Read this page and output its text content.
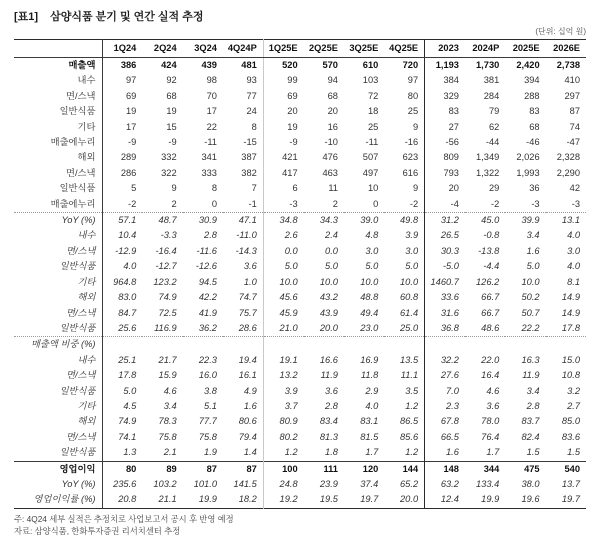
[표1] 삼양식품 분기 및 연간 실적 추정
(단위: 십억 원)
	1Q24	2Q24	3Q24	4Q24P	1Q25E	2Q25E	3Q25E	4Q25E	2023	2024P	2025E	2026E
매출액	386	424	439	481	520	570	610	720	1,193	1,730	2,420	2,738
내수	97	92	98	93	99	94	103	97	384	381	394	410
면/스낵	69	68	70	77	69	68	72	80	329	284	288	297
일반식품	19	19	17	24	20	20	18	25	83	79	83	87
기타	17	15	22	8	19	16	25	9	27	62	68	74
매출에누리	-9	-9	-11	-15	-9	-10	-11	-16	-56	-44	-46	-47
해외	289	332	341	387	421	476	507	623	809	1,349	2,026	2,328
면/스낵	286	322	333	382	417	463	497	616	793	1,322	1,993	2,290
일반식품	5	9	8	7	6	11	10	9	20	29	36	42
매출에누리	-2	2	0	-1	-3	2	0	-2	-4	-2	-3	-3
YoY (%)	57.1	48.7	30.9	47.1	34.8	34.3	39.0	49.8	31.2	45.0	39.9	13.1
내수	10.4	-3.3	2.8	-11.0	2.6	2.4	4.8	3.9	26.5	-0.8	3.4	4.0
면/스낵	-12.9	-16.4	-11.6	-14.3	0.0	0.0	3.0	3.0	30.3	-13.8	1.6	3.0
일반식품	4.0	-12.7	-12.6	3.6	5.0	5.0	5.0	5.0	-5.0	-4.4	5.0	4.0
기타	964.8	123.2	94.5	1.0	10.0	10.0	10.0	10.0	1460.7	126.2	10.0	8.1
해외	83.0	74.9	42.2	74.7	45.6	43.2	48.8	60.8	33.6	66.7	50.2	14.9
면/스낵	84.7	72.5	41.9	75.7	45.9	43.9	49.4	61.4	31.6	66.7	50.7	14.9
일반식품	25.6	116.9	36.2	28.6	21.0	20.0	23.0	25.0	36.8	48.6	22.2	17.8
매출액 비중 (%)												
내수	25.1	21.7	22.3	19.4	19.1	16.6	16.9	13.5	32.2	22.0	16.3	15.0
면/스낵	17.8	15.9	16.0	16.1	13.2	11.9	11.8	11.1	27.6	16.4	11.9	10.8
일반식품	5.0	4.6	3.8	4.9	3.9	3.6	2.9	3.5	7.0	4.6	3.4	3.2
기타	4.5	3.4	5.1	1.6	3.7	2.8	4.0	1.2	2.3	3.6	2.8	2.7
해외	74.9	78.3	77.7	80.6	80.9	83.4	83.1	86.5	67.8	78.0	83.7	85.0
면/스낵	74.1	75.8	75.8	79.4	80.2	81.3	81.5	85.6	66.5	76.4	82.4	83.6
일반식품	1.3	2.1	1.9	1.4	1.2	1.8	1.7	1.2	1.6	1.7	1.5	1.5
영업이익	80	89	87	87	100	111	120	144	148	344	475	540
YoY (%)	235.6	103.2	101.0	141.5	24.8	23.9	37.4	65.2	63.2	133.4	38.0	13.7
영업이익률 (%)	20.8	21.1	19.9	18.2	19.2	19.5	19.7	20.0	12.4	19.9	19.6	19.7
주: 4Q24 세부 실적은 추정치로 사업보고서 공시 후 반영 예정
자료: 삼양식품, 한화투자증권 리서치센터 추정
